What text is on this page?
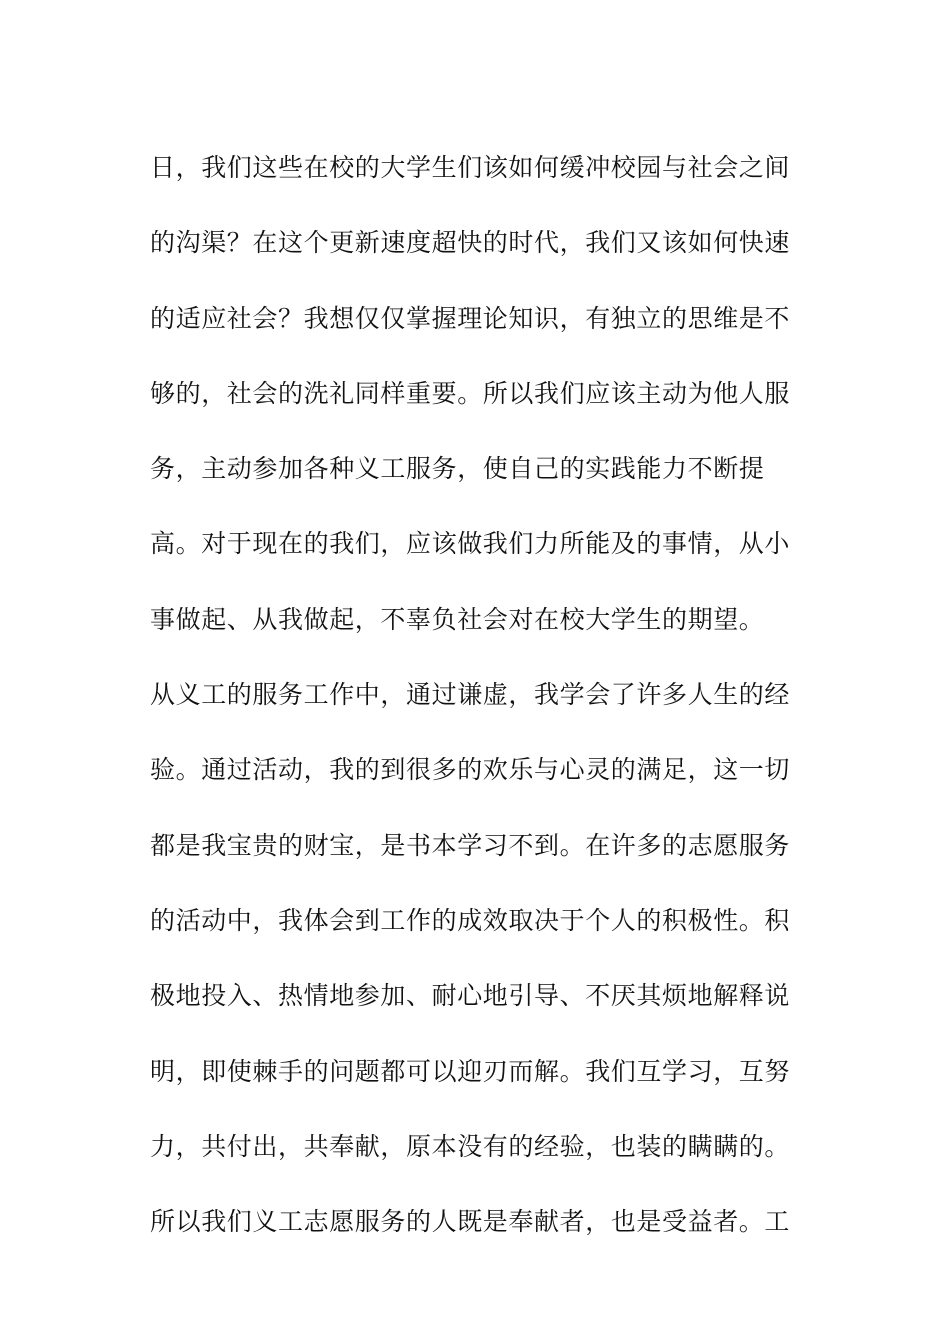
日，我们这些在校的大学生们该如何缓冲校园与社会之间
的沟渠？在这个更新速度超快的时代，我们又该如何快速
的适应社会？我想仅仅掌握理论知识，有独立的思维是不
够的，社会的洗礼同样重要。所以我们应该主动为他人服
务，主动参加各种义工服务，使自己的实践能力不断提
高。对于现在的我们，应该做我们力所能及的事情，从小
事做起、从我做起，不辜负社会对在校大学生的期望。
从义工的服务工作中，通过谦虚，我学会了许多人生的经
验。通过活动，我的到很多的欢乐与心灵的满足，这一切
都是我宝贵的财宝，是书本学习不到。在许多的志愿服务
的活动中，我体会到工作的成效取决于个人的积极性。积
极地投入、热情地参加、耐心地引导、不厌其烦地解释说
明，即使棘手的问题都可以迎刃而解。我们互学习，互努
力，共付出，共奉献，原本没有的经验，也装的瞒瞒的。
所以我们义工志愿服务的人既是奉献者，也是受益者。工
